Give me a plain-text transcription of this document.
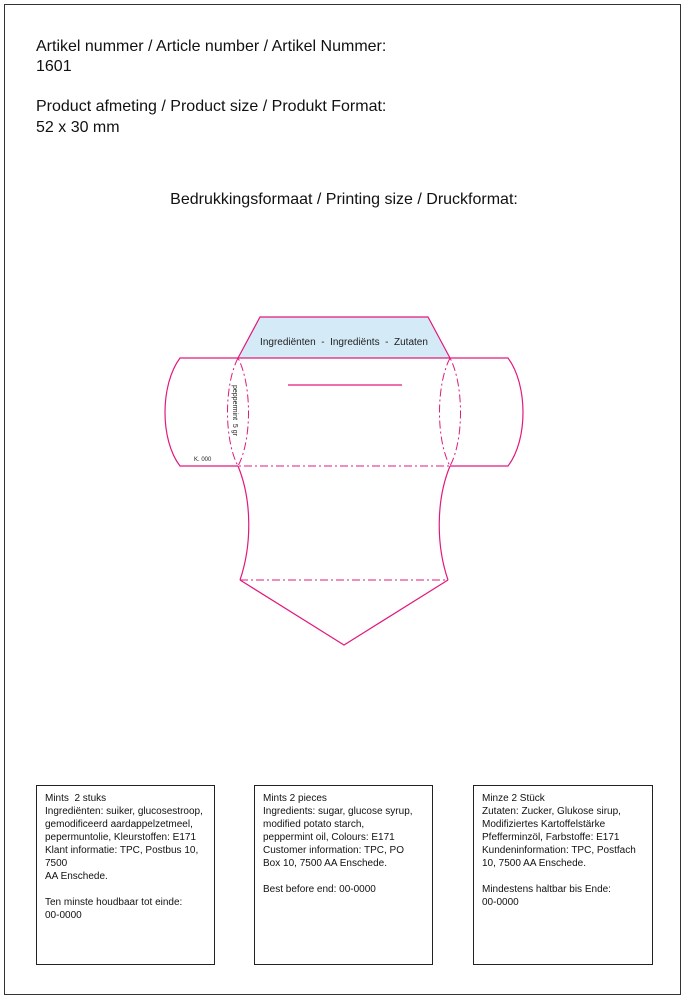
Artikel nummer / Article number / Artikel Nummer:
1601
Product afmeting / Product size / Produkt Format:
52 x 30 mm
Bedrukkingsformaat / Printing size / Druckformat:
Ingrediënten  -  Ingrediënts  -  Zutaten
peppermint  5 gr
K. 000

Mints  2 stuks

Ingrediënten: suiker, glucosestroop,

gemodificeerd aardappelzetmeel,

pepermuntolie, Kleurstoffen: E171

Klant informatie: TPC, Postbus 10, 7500

AA Enschede.

Ten minste houdbaar tot einde:

00-0000

Mints 2 pieces

Ingredients: sugar, glucose syrup,

modified potato starch,

peppermint oil, Colours: E171

Customer information: TPC, PO

Box 10, 7500 AA Enschede.

Best before end: 00-0000

Minze 2 Stück

Zutaten: Zucker, Glukose sirup,

Modifiziertes Kartoffelstärke

Pfefferminzöl, Farbstoffe: E171

Kundeninformation: TPC, Postfach

10, 7500 AA Enschede.

Mindestens haltbar bis Ende:

00-0000
